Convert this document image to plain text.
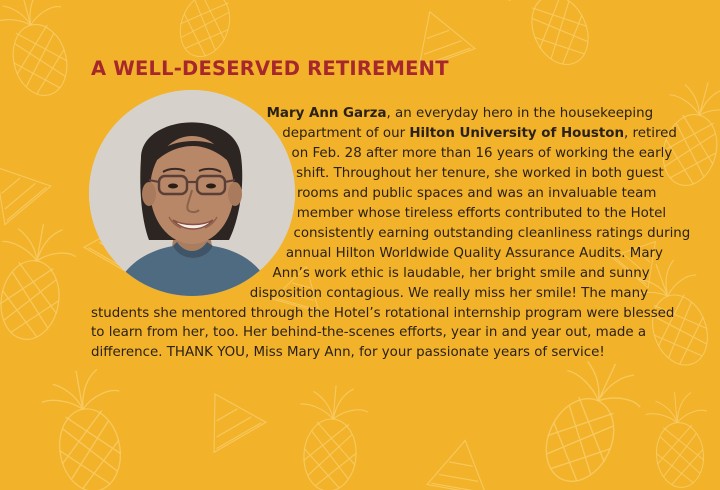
A WELL-DESERVED RETIREMENT
Mary Ann Garza, an everyday hero in the housekeeping department of our Hilton University of Houston, retired on Feb. 28 after more than 16 years of working the early shift. Throughout her tenure, she worked in both guest rooms and public spaces and was an invaluable team member whose tireless efforts contributed to the Hotel consistently earning outstanding cleanliness ratings during annual Hilton Worldwide Quality Assurance Audits. Mary Ann’s work ethic is laudable, her bright smile and sunny disposition contagious. We really miss her smile! The many students she mentored through the Hotel’s rotational internship program were blessed to learn from her, too. Her behind-the-scenes efforts, year in and year out, made a difference. THANK YOU, Miss Mary Ann, for your passionate years of service!
